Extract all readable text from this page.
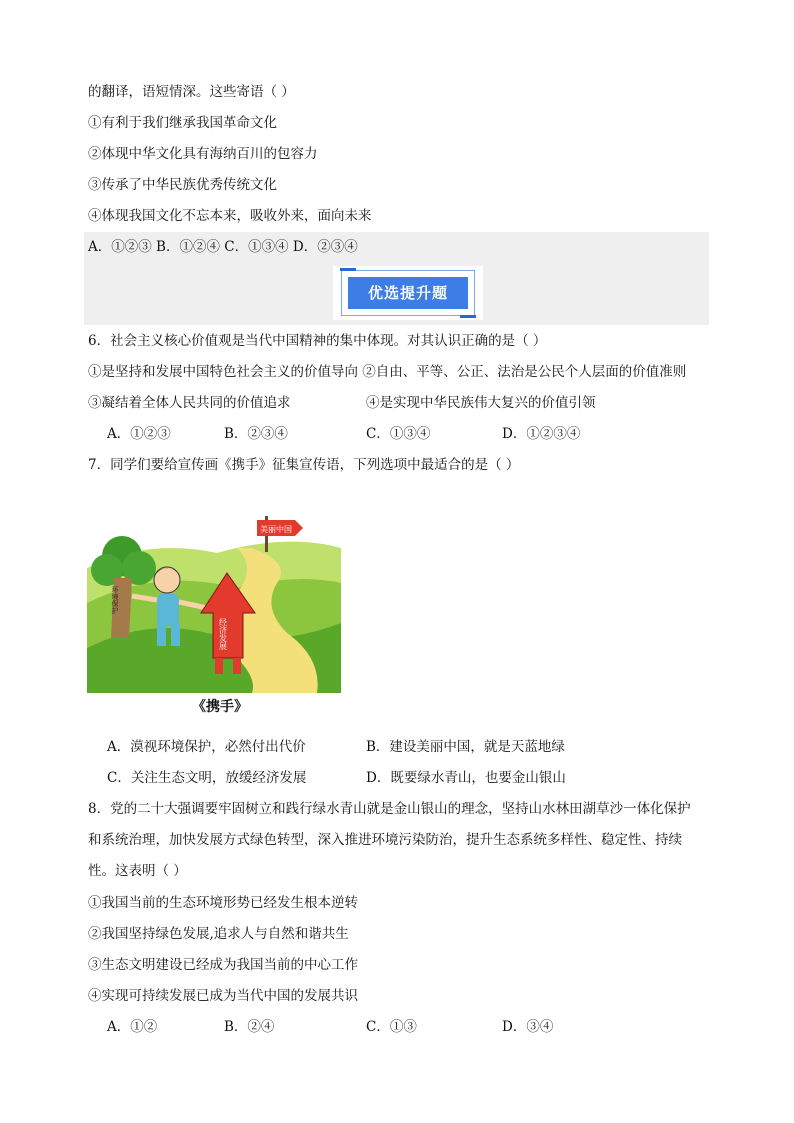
的翻译，语短情深。这些寄语（ ）
①有利于我们继承我国革命文化
②体现中华文化具有海纳百川的包容力
③传承了中华民族优秀传统文化
④体现我国文化不忘本来，吸收外来，面向未来
A．①②③ B．①②④ C．①③④ D．②③④
优选提升题
6．社会主义核心价值观是当代中国精神的集中体现。对其认识正确的是（ ）
①是坚持和发展中国特色社会主义的价值导向 ②自由、平等、公正、法治是公民个人层面的价值准则
③凝结着全体人民共同的价值追求	④是实现中华民族伟大复兴的价值引领
A．①②③	B．②③④	C．①③④	D．①②③④
7．同学们要给宣传画《携手》征集宣传语，下列选项中最适合的是（ ）
美丽中国
环境保护
经济发展
《携手》
A．漠视环境保护，必然付出代价	B．建设美丽中国，就是天蓝地绿
C．关注生态文明，放缓经济发展	D．既要绿水青山，也要金山银山
8．党的二十大强调要牢固树立和践行绿水青山就是金山银山的理念，坚持山水林田湖草沙一体化保护
和系统治理，加快发展方式绿色转型，深入推进环境污染防治，提升生态系统多样性、稳定性、持续
性。这表明（ ）
①我国当前的生态环境形势已经发生根本逆转
②我国坚持绿色发展,追求人与自然和谐共生
③生态文明建设已经成为我国当前的中心工作
④实现可持续发展已成为当代中国的发展共识
A．①②	B．②④	C．①③	D．③④
